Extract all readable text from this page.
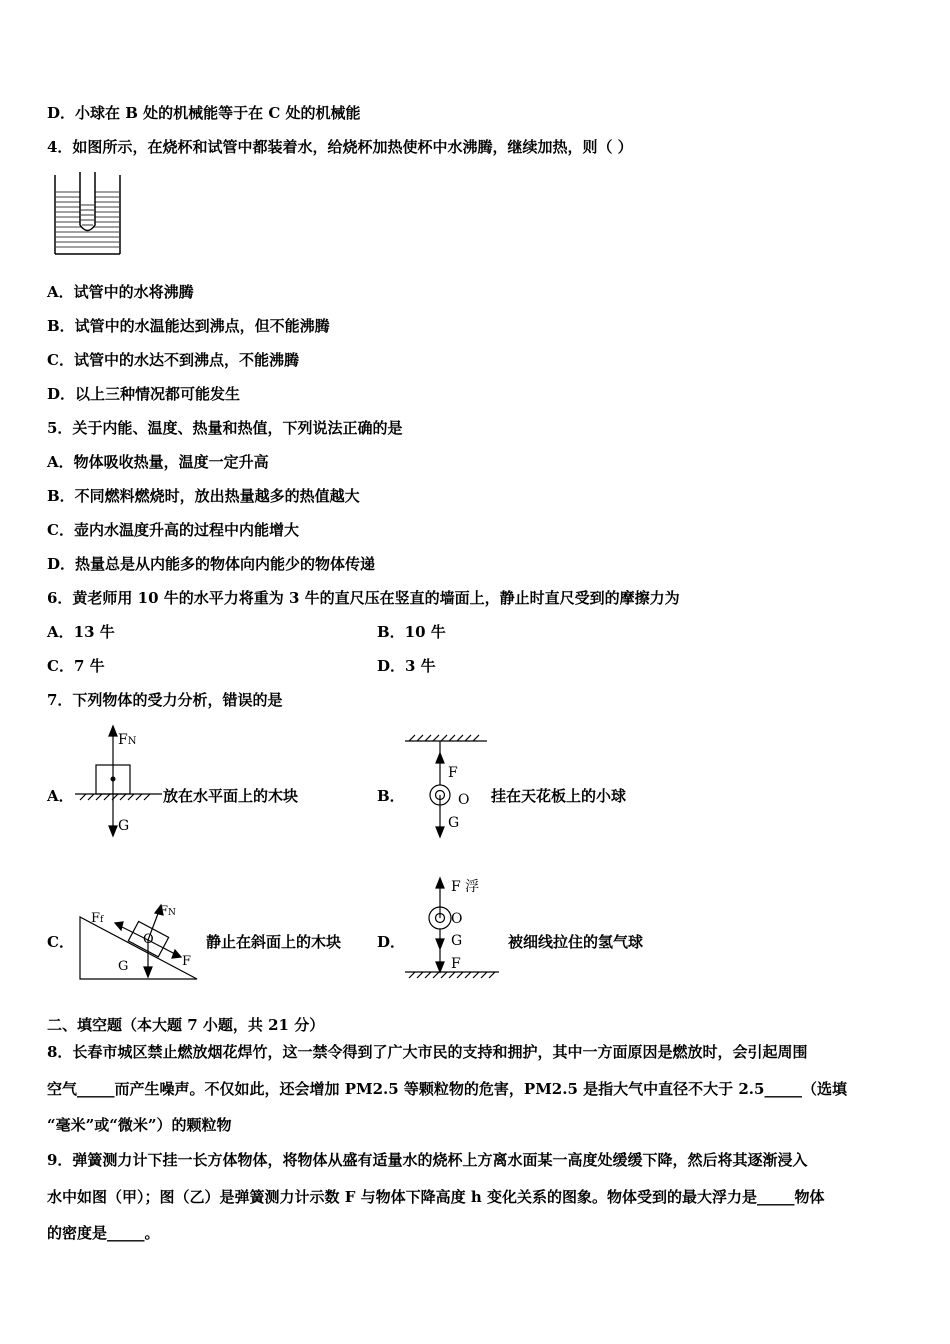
D．小球在 B 处的机械能等于在 C 处的机械能
4．如图所示，在烧杯和试管中都装着水，给烧杯加热使杯中水沸腾，继续加热，则（ ）
A．试管中的水将沸腾
B．试管中的水温能达到沸点，但不能沸腾
C．试管中的水达不到沸点，不能沸腾
D．以上三种情况都可能发生
5．关于内能、温度、热量和热值，下列说法正确的是
A．物体吸收热量，温度一定升高
B．不同燃料燃烧时，放出热量越多的热值越大
C．壶内水温度升高的过程中内能增大
D．热量总是从内能多的物体向内能少的物体传递
6．黄老师用 10 牛的水平力将重为 3 牛的直尺压在竖直的墙面上，静止时直尺受到的摩擦力为
A．13 牛	B．10 牛
C．7 牛	D．3 牛
7．下列物体的受力分析，错误的是
A．
FN
G
放在水平面上的木块	B．
F
O
G
挂在天花板上的小球
C．
Ff
FN
O
G	F
静止在斜面上的木块 D．
F 浮
O
G
F
被细线拉住的氢气球
二、填空题（本大题 7 小题，共 21 分）
8．长春市城区禁止燃放烟花焊竹，这一禁令得到了广大市民的支持和拥护，其中一方面原因是燃放时，会引起周围
空气_____而产生噪声。不仅如此，还会增加 PM2.5 等颗粒物的危害，PM2.5 是指大气中直径不大于 2.5_____（选填
“毫米”或“微米”）的颗粒物
9．弹簧测力计下挂一长方体物体，将物体从盛有适量水的烧杯上方离水面某一高度处缓缓下降，然后将其逐渐浸入
水中如图（甲）；图（乙）是弹簧测力计示数 F 与物体下降高度 h 变化关系的图象。物体受到的最大浮力是_____物体
的密度是_____。
